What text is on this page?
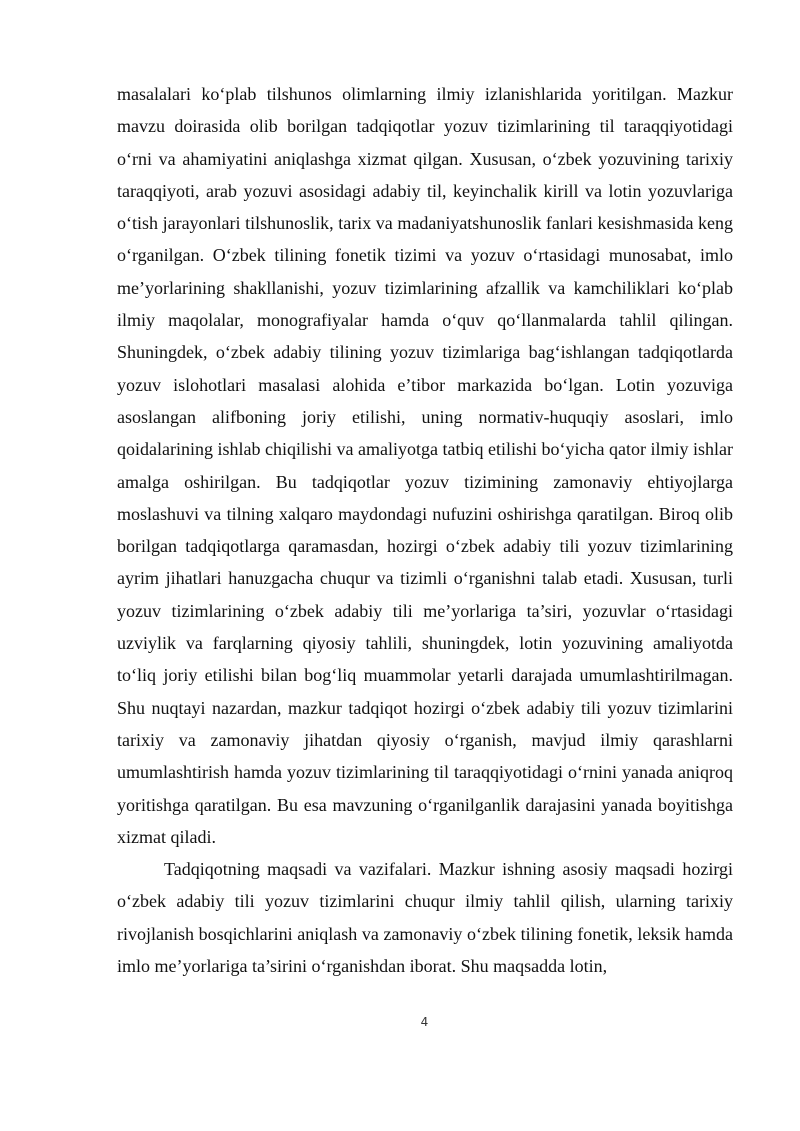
masalalari ko‘plab tilshunos olimlarning ilmiy izlanishlarida yoritilgan. Mazkur mavzu doirasida olib borilgan tadqiqotlar yozuv tizimlarining til taraqqiyotidagi o‘rni va ahamiyatini aniqlashga xizmat qilgan. Xususan, o‘zbek yozuvining tarixiy taraqqiyoti, arab yozuvi asosidagi adabiy til, keyinchalik kirill va lotin yozuvlariga o‘tish jarayonlari tilshunoslik, tarix va madaniyatshunoslik fanlari kesishmasida keng o‘rganilgan. O‘zbek tilining fonetik tizimi va yozuv o‘rtasidagi munosabat, imlo me’yorlarining shakllanishi, yozuv tizimlarining afzallik va kamchiliklari ko‘plab ilmiy maqolalar, monografiyalar hamda o‘quv qo‘llanmalarda tahlil qilingan. Shuningdek, o‘zbek adabiy tilining yozuv tizimlariga bag‘ishlangan tadqiqotlarda yozuv islohotlari masalasi alohida e’tibor markazida bo‘lgan. Lotin yozuviga asoslangan alifboning joriy etilishi, uning normativ-huquqiy asoslari, imlo qoidalarining ishlab chiqilishi va amaliyotga tatbiq etilishi bo‘yicha qator ilmiy ishlar amalga oshirilgan. Bu tadqiqotlar yozuv tizimining zamonaviy ehtiyojlarga moslashuvi va tilning xalqaro maydondagi nufuzini oshirishga qaratilgan. Biroq olib borilgan tadqiqotlarga qaramasdan, hozirgi o‘zbek adabiy tili yozuv tizimlarining ayrim jihatlari hanuzgacha chuqur va tizimli o‘rganishni talab etadi. Xususan, turli yozuv tizimlarining o‘zbek adabiy tili me’yorlariga ta’siri, yozuvlar o‘rtasidagi uzviylik va farqlarning qiyosiy tahlili, shuningdek, lotin yozuvining amaliyotda to‘liq joriy etilishi bilan bog‘liq muammolar yetarli darajada umumlashtirilmagan. Shu nuqtayi nazardan, mazkur tadqiqot hozirgi o‘zbek adabiy tili yozuv tizimlarini tarixiy va zamonaviy jihatdan qiyosiy o‘rganish, mavjud ilmiy qarashlarni umumlashtirish hamda yozuv tizimlarining til taraqqiyotidagi o‘rnini yanada aniqroq yoritishga qaratilgan. Bu esa mavzuning o‘rganilganlik darajasini yanada boyitishga xizmat qiladi.

Tadqiqotning maqsadi va vazifalari. Mazkur ishning asosiy maqsadi hozirgi o‘zbek adabiy tili yozuv tizimlarini chuqur ilmiy tahlil qilish, ularning tarixiy rivojlanish bosqichlarini aniqlash va zamonaviy o‘zbek tilining fonetik, leksik hamda imlo me’yorlariga ta’sirini o‘rganishdan iborat. Shu maqsadda lotin,

4
